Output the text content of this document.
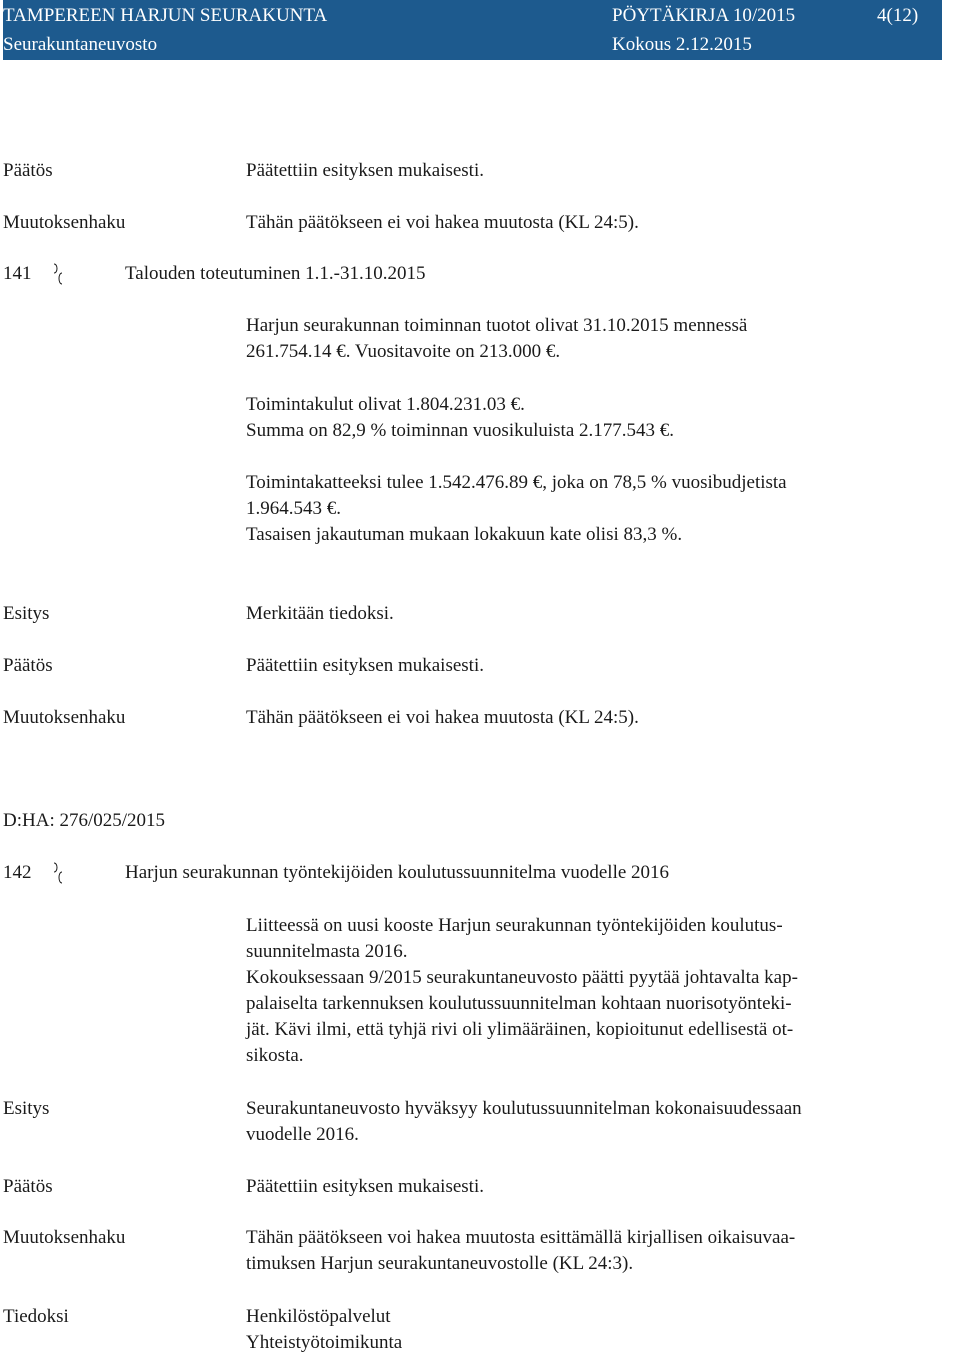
TAMPEREEN HARJUN SEURAKUNTA	PÖYTÄKIRJA 10/2015	4(12)
Seurakuntaneuvosto	Kokous 2.12.2015
Päätös	Päätettiin esityksen mukaisesti.
Muutoksenhaku	Tähän päätökseen ei voi hakea muutosta (KL 24:5).
141	Talouden toteutuminen 1.1.-31.10.2015
Harjun seurakunnan toiminnan tuotot olivat 31.10.2015 mennessä
261.754.14 €. Vuositavoite on 213.000 €.
Toimintakulut olivat 1.804.231.03 €.
Summa on 82,9 % toiminnan vuosikuluista 2.177.543 €.
Toimintakatteeksi tulee 1.542.476.89 €, joka on 78,5 % vuosibudjetista
1.964.543 €.
Tasaisen jakautuman mukaan lokakuun kate olisi 83,3 %.
Esitys	Merkitään tiedoksi.
Päätös	Päätettiin esityksen mukaisesti.
Muutoksenhaku	Tähän päätökseen ei voi hakea muutosta (KL 24:5).
D:HA: 276/025/2015
142	Harjun seurakunnan työntekijöiden koulutussuunnitelma vuodelle 2016
Liitteessä on uusi kooste Harjun seurakunnan työntekijöiden koulutus-
suunnitelmasta 2016.
Kokouksessaan 9/2015 seurakuntaneuvosto päätti pyytää johtavalta kap-
palaiselta tarkennuksen koulutussuunnitelman kohtaan nuorisotyönteki-
jät. Kävi ilmi, että tyhjä rivi oli ylimääräinen, kopioitunut edellisestä ot-
sikosta.
Esitys	Seurakuntaneuvosto hyväksyy koulutussuunnitelman kokonaisuudessaan
vuodelle 2016.
Päätös	Päätettiin esityksen mukaisesti.
Muutoksenhaku	Tähän päätökseen voi hakea muutosta esittämällä kirjallisen oikaisuvaa-
timuksen Harjun seurakuntaneuvostolle (KL 24:3).
Tiedoksi	Henkilöstöpalvelut
Yhteistyötoimikunta
